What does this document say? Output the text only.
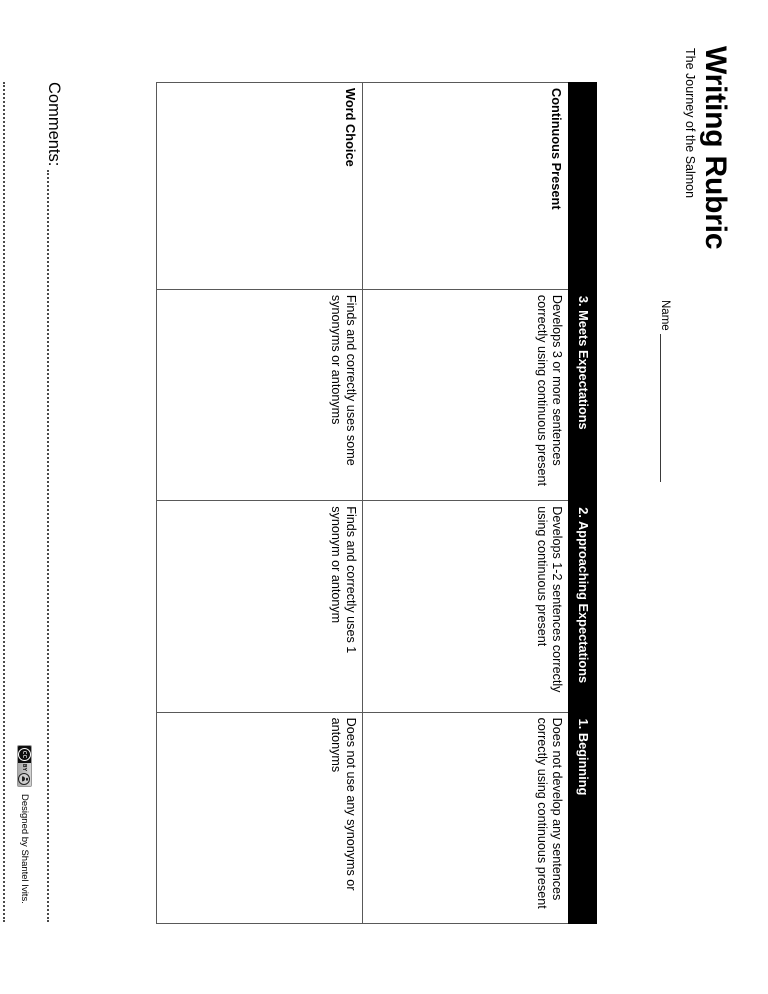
Writing Rubric
The Journey of the Salmon
Name
	3. Meets Expectations	2. Approaching Expectations	1. Beginning
Continuous Present	Develops 3 or more sentences correctly using continuous present	Develops 1-2 sentences correctly using continuous present	Does not develop any sentences correctly using continuous present
Word Choice	Finds and correctly uses some synonyms or antonyms	Finds and correctly uses 1 synonym or antonym	Does not use any synonyms or antonyms
Comments:
cc
BY
Designed by Shantel Ivits.
